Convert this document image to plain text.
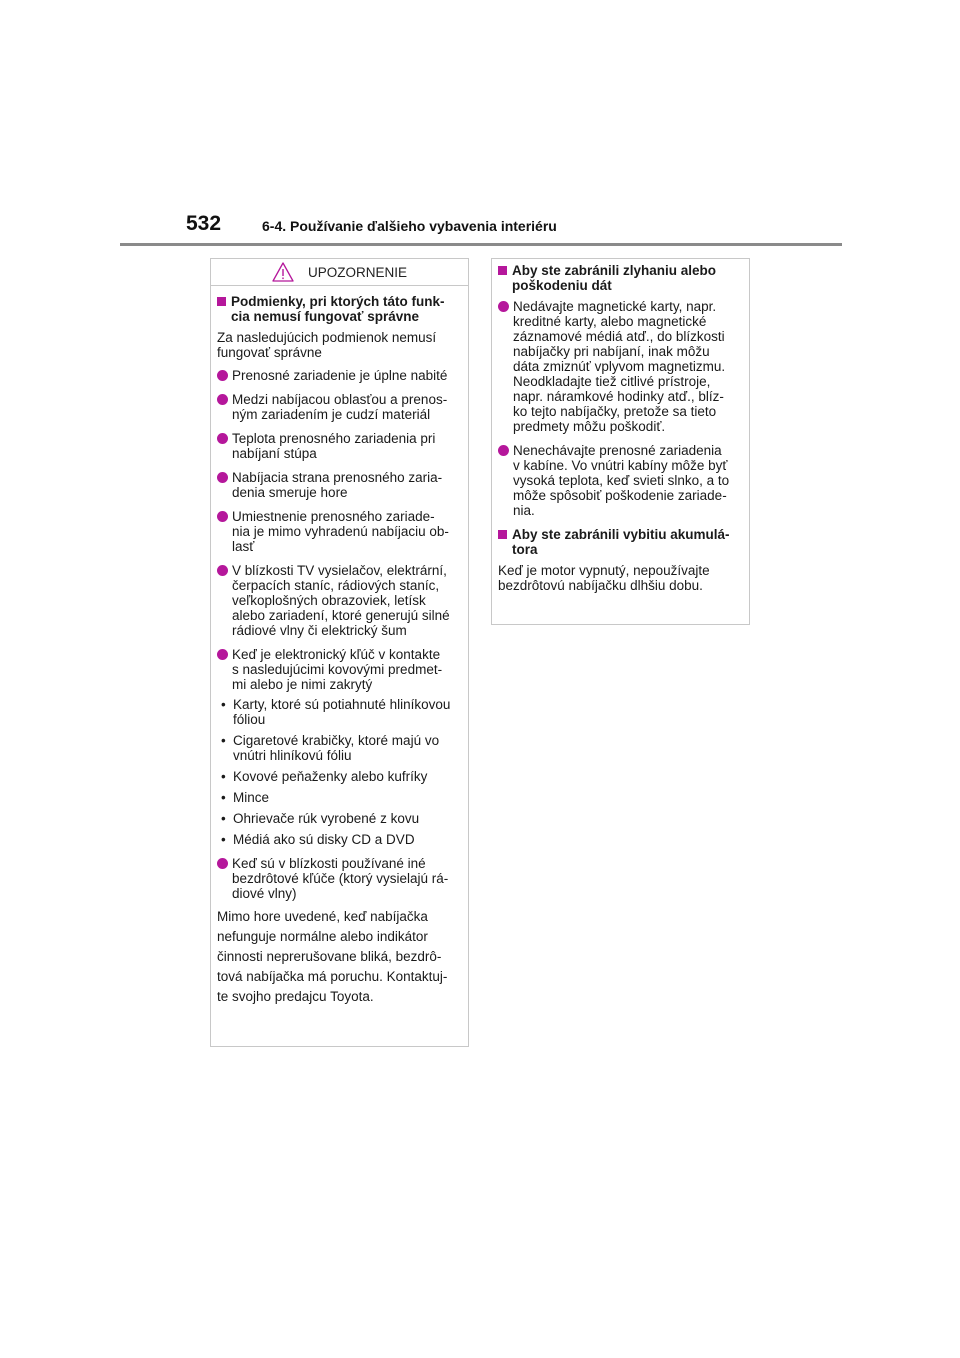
532	6-4. Používanie ďalšieho vybavenia interiéru
UPOZORNENIE
Podmienky, pri ktorých táto funk-
cia nemusí fungovať správne
Za nasledujúcich podmienok nemusí
fungovať správne
Prenosné zariadenie je úplne nabité
Medzi nabíjacou oblasťou a prenos-
ným zariadením je cudzí materiál
Teplota prenosného zariadenia pri
nabíjaní stúpa
Nabíjacia strana prenosného zaria-
denia smeruje hore
Umiestnenie prenosného zariade-
nia je mimo vyhradenú nabíjaciu ob-
lasť
V blízkosti TV vysielačov, elektrární,
čerpacích staníc, rádiových staníc,
veľkoplošných obrazoviek, letísk
alebo zariadení, ktoré generujú silné
rádiové vlny či elektrický šum
Keď je elektronický kľúč v kontakte
s nasledujúcimi kovovými predmet-
mi alebo je nimi zakrytý
• Karty, ktoré sú potiahnuté hliníkovou
fóliou
• Cigaretové krabičky, ktoré majú vo
vnútri hliníkovú fóliu
• Kovové peňaženky alebo kufríky
• Mince
• Ohrievače rúk vyrobené z kovu
• Médiá ako sú disky CD a DVD
Keď sú v blízkosti používané iné
bezdrôtové kľúče (ktorý vysielajú rá-
diové vlny)
Mimo hore uvedené, keď nabíjačka
nefunguje normálne alebo indikátor
činnosti neprerušovane bliká, bezdrô-
tová nabíjačka má poruchu. Kontaktuj-
te svojho predajcu Toyota.
Aby ste zabránili zlyhaniu alebo
poškodeniu dát
Nedávajte magnetické karty, napr.
kreditné karty, alebo magnetické
záznamové médiá atď., do blízkosti
nabíjačky pri nabíjaní, inak môžu
dáta zmiznúť vplyvom magnetizmu.
Neodkladajte tiež citlivé prístroje,
napr. náramkové hodinky atď., blíz-
ko tejto nabíjačky, pretože sa tieto
predmety môžu poškodiť.
Nenechávajte prenosné zariadenia
v kabíne. Vo vnútri kabíny môže byť
vysoká teplota, keď svieti slnko, a to
môže spôsobiť poškodenie zariade-
nia.
Aby ste zabránili vybitiu akumulá-
tora
Keď je motor vypnutý, nepoužívajte
bezdrôtovú nabíjačku dlhšiu dobu.
